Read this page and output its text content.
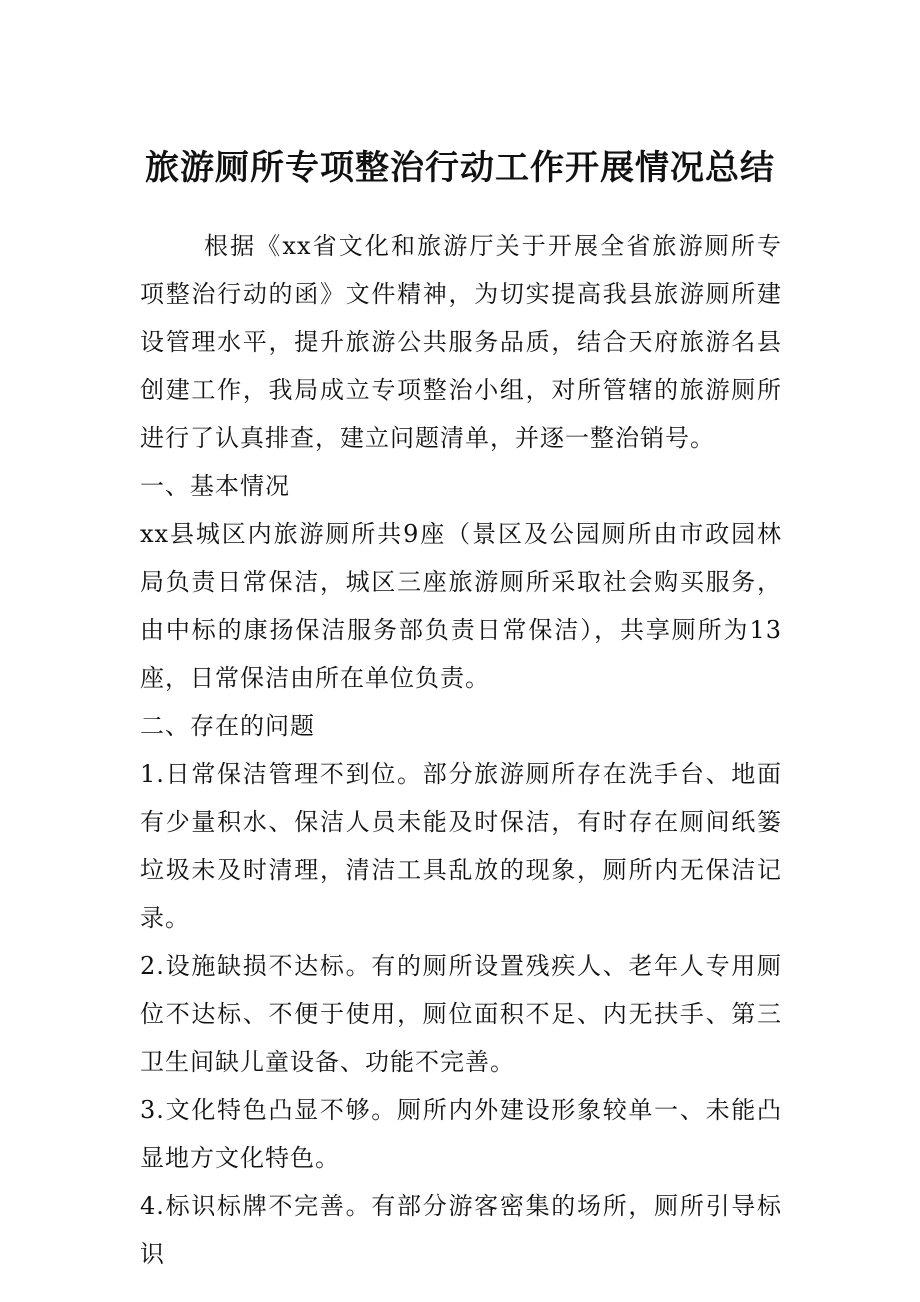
旅游厕所专项整治行动工作开展情况总结

根据《xx省文化和旅游厅关于开展全省旅游厕所专项整治行动的函》文件精神，为切实提高我县旅游厕所建设管理水平，提升旅游公共服务品质，结合天府旅游名县创建工作，我局成立专项整治小组，对所管辖的旅游厕所进行了认真排查，建立问题清单，并逐一整治销号。

一、基本情况

xx县城区内旅游厕所共9座（景区及公园厕所由市政园林局负责日常保洁，城区三座旅游厕所采取社会购买服务，由中标的康扬保洁服务部负责日常保洁），共享厕所为13座，日常保洁由所在单位负责。

二、存在的问题

1.日常保洁管理不到位。部分旅游厕所存在洗手台、地面有少量积水、保洁人员未能及时保洁，有时存在厕间纸篓垃圾未及时清理，清洁工具乱放的现象，厕所内无保洁记录。

2.设施缺损不达标。有的厕所设置残疾人、老年人专用厕位不达标、不便于使用，厕位面积不足、内无扶手、第三卫生间缺儿童设备、功能不完善。

3.文化特色凸显不够。厕所内外建设形象较单一、未能凸显地方文化特色。

4.标识标牌不完善。有部分游客密集的场所，厕所引导标识
